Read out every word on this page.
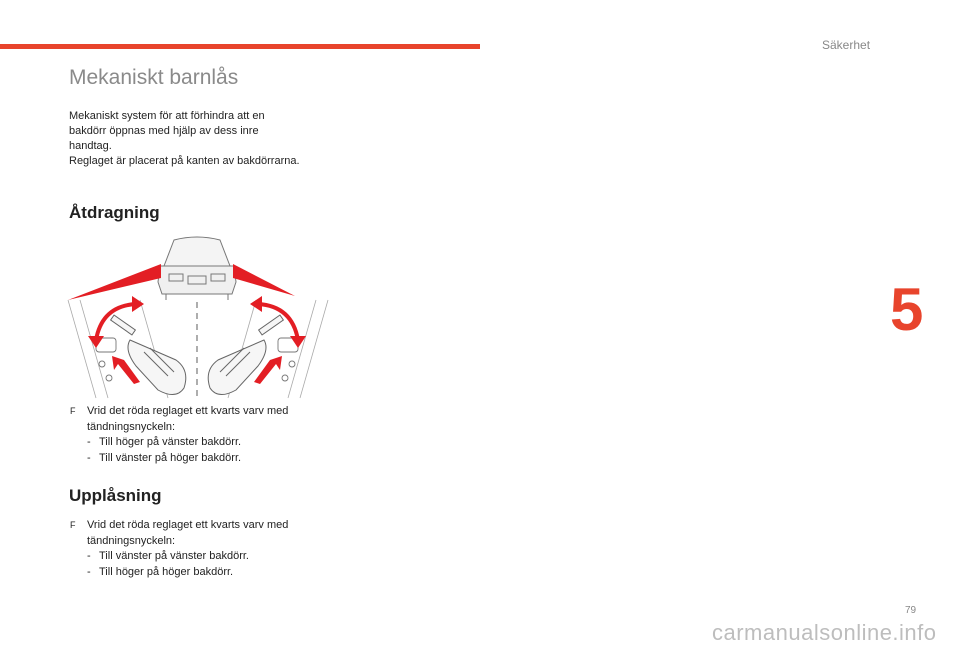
Säkerhet
5
Mekaniskt barnlås

Mekaniskt system för att förhindra att en

bakdörr öppnas med hjälp av dess inre

handtag.

Reglaget är placerat på kanten av bakdörrarna.

Åtdragning
F	Vrid det röda reglaget ett kvarts varv med
tändningsnyckeln:
- Till höger på vänster bakdörr.
- Till vänster på höger bakdörr.
Upplåsning
F	Vrid det röda reglaget ett kvarts varv med
tändningsnyckeln:
- Till vänster på vänster bakdörr.
- Till höger på höger bakdörr.
79
carmanualsonline.info
